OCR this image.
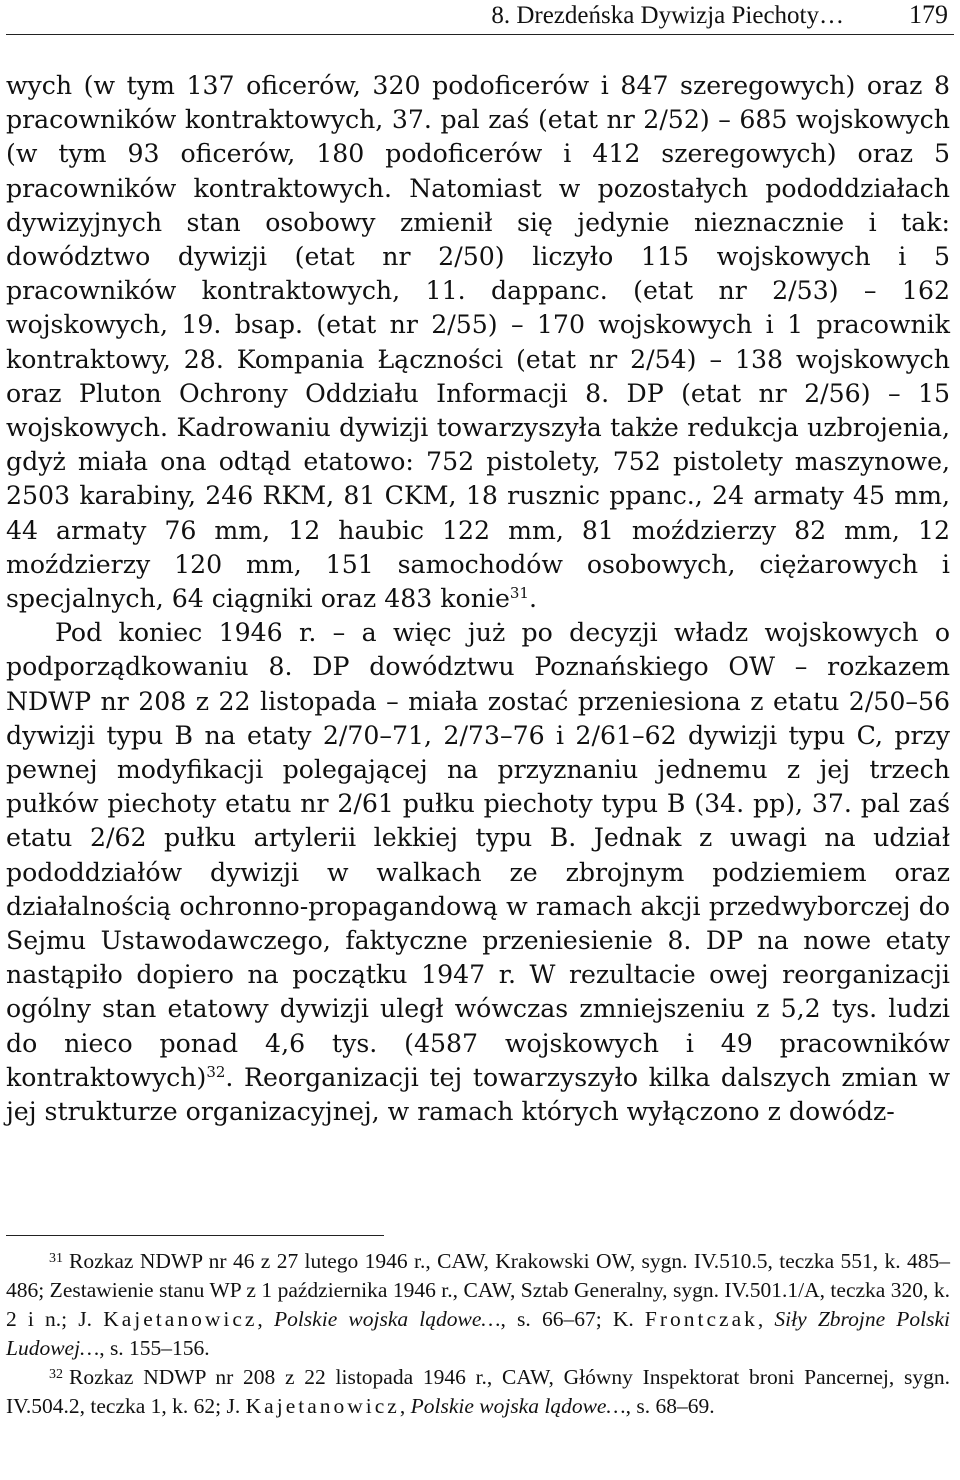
8. Drezdeńska Dywizja Piechoty…	179

wych (w tym 137 oficerów, 320 podoficerów i 847 szeregowych) oraz 8 pracowników kontraktowych, 37. pal zaś (etat nr 2/52) – 685 wojskowych (w tym 93 oficerów, 180 podoficerów i 412 szeregowych) oraz 5 pracowników kontraktowych. Natomiast w pozostałych pododdziałach dywizyjnych stan osobowy zmienił się jedynie nieznacznie i tak: dowództwo dywizji (etat nr 2/50) liczyło 115 wojskowych i 5 pracowników kontraktowych, 11. dappanc. (etat nr 2/53) – 162 wojskowych, 19. bsap. (etat nr 2/55) – 170 wojskowych i 1 pracownik kontraktowy, 28. Kompania Łączności (etat nr 2/54) – 138 wojskowych oraz Pluton Ochrony Oddziału Informacji 8. DP (etat nr 2/56) – 15 wojskowych. Kadrowaniu dywizji towarzyszyła także redukcja uzbrojenia, gdyż miała ona odtąd etatowo: 752 pistolety, 752 pistolety maszynowe, 2503 karabiny, 246 RKM, 81 CKM, 18 rusznic ppanc., 24 armaty 45 mm, 44 armaty 76 mm, 12 haubic 122 mm, 81 moździerzy 82 mm, 12 moździerzy 120 mm, 151 samochodów osobowych, ciężarowych i specjalnych, 64 ciągniki oraz 483 konie$^{31}$.

Pod koniec 1946 r. – a więc już po decyzji władz wojskowych o podporządkowaniu 8. DP dowództwu Poznańskiego OW – rozkazem NDWP nr 208 z 22 listopada – miała zostać przeniesiona z etatu 2/50–56 dywizji typu B na etaty 2/70–71, 2/73–76 i 2/61–62 dywizji typu C, przy pewnej modyfikacji polegającej na przyznaniu jednemu z jej trzech pułków piechoty etatu nr 2/61 pułku piechoty typu B (34. pp), 37. pal zaś etatu 2/62 pułku artylerii lekkiej typu B. Jednak z uwagi na udział pododdziałów dywizji w walkach ze zbrojnym podziemiem oraz działalnością ochronno-propagandową w ramach akcji przedwyborczej do Sejmu Ustawodawczego, faktyczne przeniesienie 8. DP na nowe etaty nastąpiło dopiero na początku 1947 r. W rezultacie owej reorganizacji ogólny stan etatowy dywizji uległ wówczas zmniejszeniu z 5,2 tys. ludzi do nieco ponad 4,6 tys. (4587 wojskowych i 49 pracowników kontraktowych)$^{32}$. Reorganizacji tej towarzyszyło kilka dalszych zmian w jej strukturze organizacyjnej, w ramach których wyłączono z dowódz-

$^{31}$ Rozkaz NDWP nr 46 z 27 lutego 1946 r., CAW, Krakowski OW, sygn. IV.510.5, teczka 551, k. 485–486; Zestawienie stanu WP z 1 października 1946 r., CAW, Sztab Generalny, sygn. IV.501.1/A, teczka 320, k. 2 i n.; J. Kajetanowicz, Polskie wojska lądowe…, s. 66–67; K. Frontczak, Siły Zbrojne Polski Ludowej…, s. 155–156.

$^{32}$ Rozkaz NDWP nr 208 z 22 listopada 1946 r., CAW, Główny Inspektorat broni Pancernej, sygn. IV.504.2, teczka 1, k. 62; J. Kajetanowicz, Polskie wojska lądowe…, s. 68–69.
